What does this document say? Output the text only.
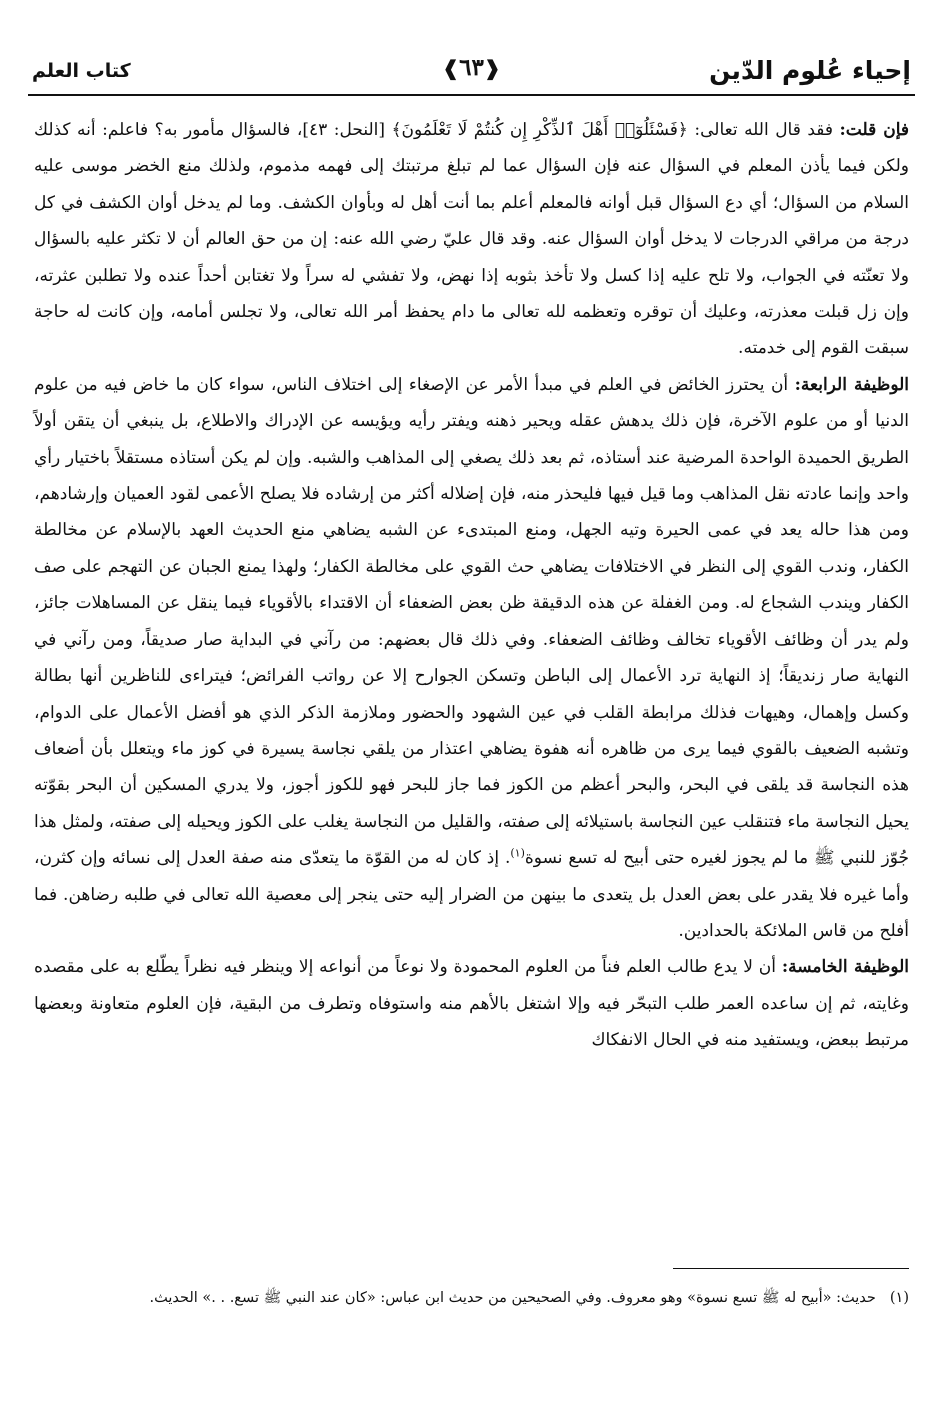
إحياء عُلوم الدّين
❰٦٣❱
كتاب العلم

فإن قلت: فقد قال الله تعالى: ﴿فَسْئَلُوٓا۟ أَهْلَ ٱلذِّكْرِ إِن كُنتُمْ لَا تَعْلَمُونَ﴾ [النحل: ٤٣]، فالسؤال مأمور به؟ فاعلم: أنه كذلك ولكن فيما يأذن المعلم في السؤال عنه فإن السؤال عما لم تبلغ مرتبتك إلى فهمه مذموم، ولذلك منع الخضر موسى عليه السلام من السؤال؛ أي دع السؤال قبل أوانه فالمعلم أعلم بما أنت أهل له وبأوان الكشف. وما لم يدخل أوان الكشف في كل درجة من مراقي الدرجات لا يدخل أوان السؤال عنه. وقد قال عليّ رضي الله عنه: إن من حق العالم أن لا تكثر عليه بالسؤال ولا تعنّته في الجواب، ولا تلح عليه إذا كسل ولا تأخذ بثوبه إذا نهض، ولا تفشي له سراً ولا تغتابن أحداً عنده ولا تطلبن عثرته، وإن زل قبلت معذرته، وعليك أن توقره وتعظمه لله تعالى ما دام يحفظ أمر الله تعالى، ولا تجلس أمامه، وإن كانت له حاجة سبقت القوم إلى خدمته.

الوظيفة الرابعة: أن يحترز الخائض في العلم في مبدأ الأمر عن الإصغاء إلى اختلاف الناس، سواء كان ما خاض فيه من علوم الدنيا أو من علوم الآخرة، فإن ذلك يدهش عقله ويحير ذهنه ويفتر رأيه ويؤيسه عن الإدراك والاطلاع، بل ينبغي أن يتقن أولاً الطريق الحميدة الواحدة المرضية عند أستاذه، ثم بعد ذلك يصغي إلى المذاهب والشبه. وإن لم يكن أستاذه مستقلاً باختيار رأي واحد وإنما عادته نقل المذاهب وما قيل فيها فليحذر منه، فإن إضلاله أكثر من إرشاده فلا يصلح الأعمى لقود العميان وإرشادهم، ومن هذا حاله يعد في عمى الحيرة وتيه الجهل، ومنع المبتدىء عن الشبه يضاهي منع الحديث العهد بالإسلام عن مخالطة الكفار، وندب القوي إلى النظر في الاختلافات يضاهي حث القوي على مخالطة الكفار؛ ولهذا يمنع الجبان عن التهجم على صف الكفار ويندب الشجاع له. ومن الغفلة عن هذه الدقيقة ظن بعض الضعفاء أن الاقتداء بالأقوياء فيما ينقل عن المساهلات جائز، ولم يدر أن وظائف الأقوياء تخالف وظائف الضعفاء. وفي ذلك قال بعضهم: من رآني في البداية صار صديقاً، ومن رآني في النهاية صار زنديقاً؛ إذ النهاية ترد الأعمال إلى الباطن وتسكن الجوارح إلا عن رواتب الفرائض؛ فيتراءى للناظرين أنها بطالة وكسل وإهمال، وهيهات فذلك مرابطة القلب في عين الشهود والحضور وملازمة الذكر الذي هو أفضل الأعمال على الدوام، وتشبه الضعيف بالقوي فيما يرى من ظاهره أنه هفوة يضاهي اعتذار من يلقي نجاسة يسيرة في كوز ماء ويتعلل بأن أضعاف هذه النجاسة قد يلقى في البحر، والبحر أعظم من الكوز فما جاز للبحر فهو للكوز أجوز، ولا يدري المسكين أن البحر بقوّته يحيل النجاسة ماء فتنقلب عين النجاسة باستيلائه إلى صفته، والقليل من النجاسة يغلب على الكوز ويحيله إلى صفته، ولمثل هذا جُوّز للنبي ﷺ ما لم يجوز لغيره حتى أبيح له تسع نسوة$^{(١)}$. إذ كان له من القوّة ما يتعدّى منه صفة العدل إلى نسائه وإن كثرن، وأما غيره فلا يقدر على بعض العدل بل يتعدى ما بينهن من الضرار إليه حتى ينجر إلى معصية الله تعالى في طلبه رضاهن. فما أفلح من قاس الملائكة بالحدادين.

الوظيفة الخامسة: أن لا يدع طالب العلم فناً من العلوم المحمودة ولا نوعاً من أنواعه إلا وينظر فيه نظراً يطّلع به على مقصده وغايته، ثم إن ساعده العمر طلب التبحّر فيه وإلا اشتغل بالأهم منه واستوفاه وتطرف من البقية، فإن العلوم متعاونة وبعضها مرتبط ببعض، ويستفيد منه في الحال الانفكاك

(١)حديث: «أبيح له ﷺ تسع نسوة» وهو معروف. وفي الصحيحين من حديث ابن عباس: «كان عند النبي ﷺ تسع. . .» الحديث.
